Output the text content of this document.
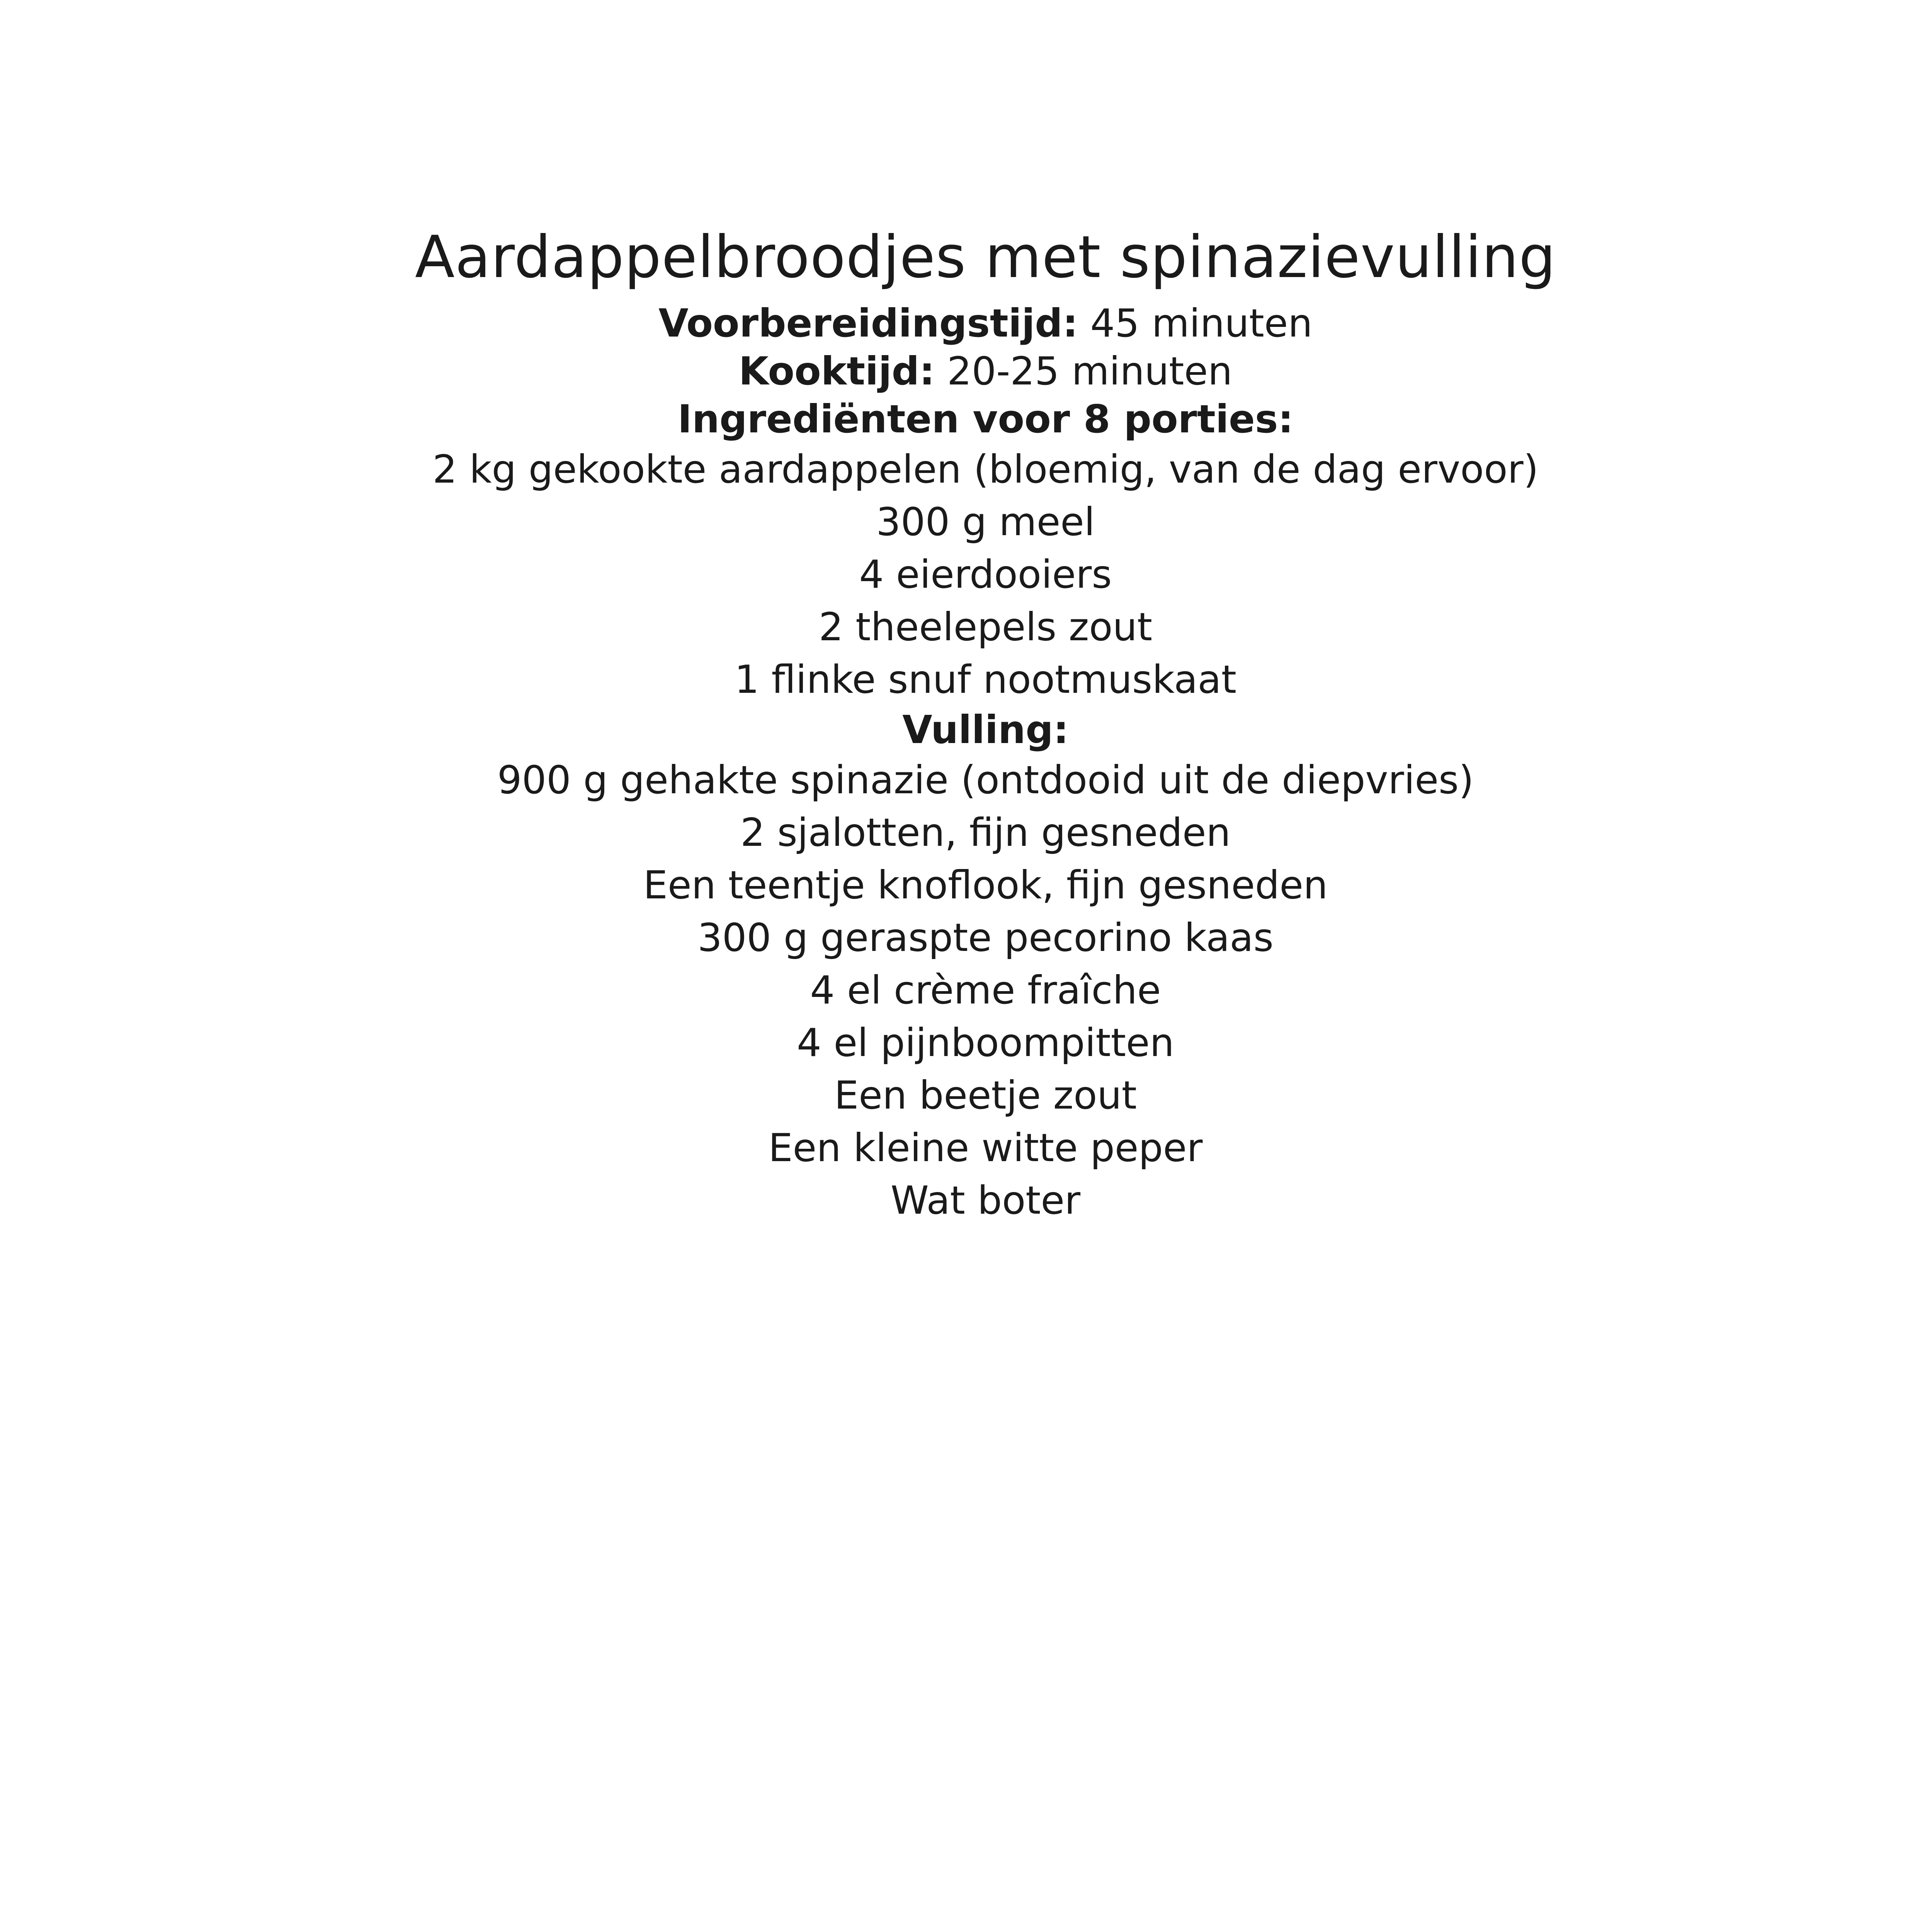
Aardappelbroodjes met spinazievulling
Voorbereidingstijd: 45 minuten
Kooktijd: 20-25 minuten
Ingrediënten voor 8 porties:
2 kg gekookte aardappelen (bloemig, van de dag ervoor)
300 g meel
4 eierdooiers
2 theelepels zout
1 flinke snuf nootmuskaat
Vulling:
900 g gehakte spinazie (ontdooid uit de diepvries)
2 sjalotten, fijn gesneden
Een teentje knoflook, fijn gesneden
300 g geraspte pecorino kaas
4 el crème fraîche
4 el pijnboompitten
Een beetje zout
Een kleine witte peper
Wat boter
